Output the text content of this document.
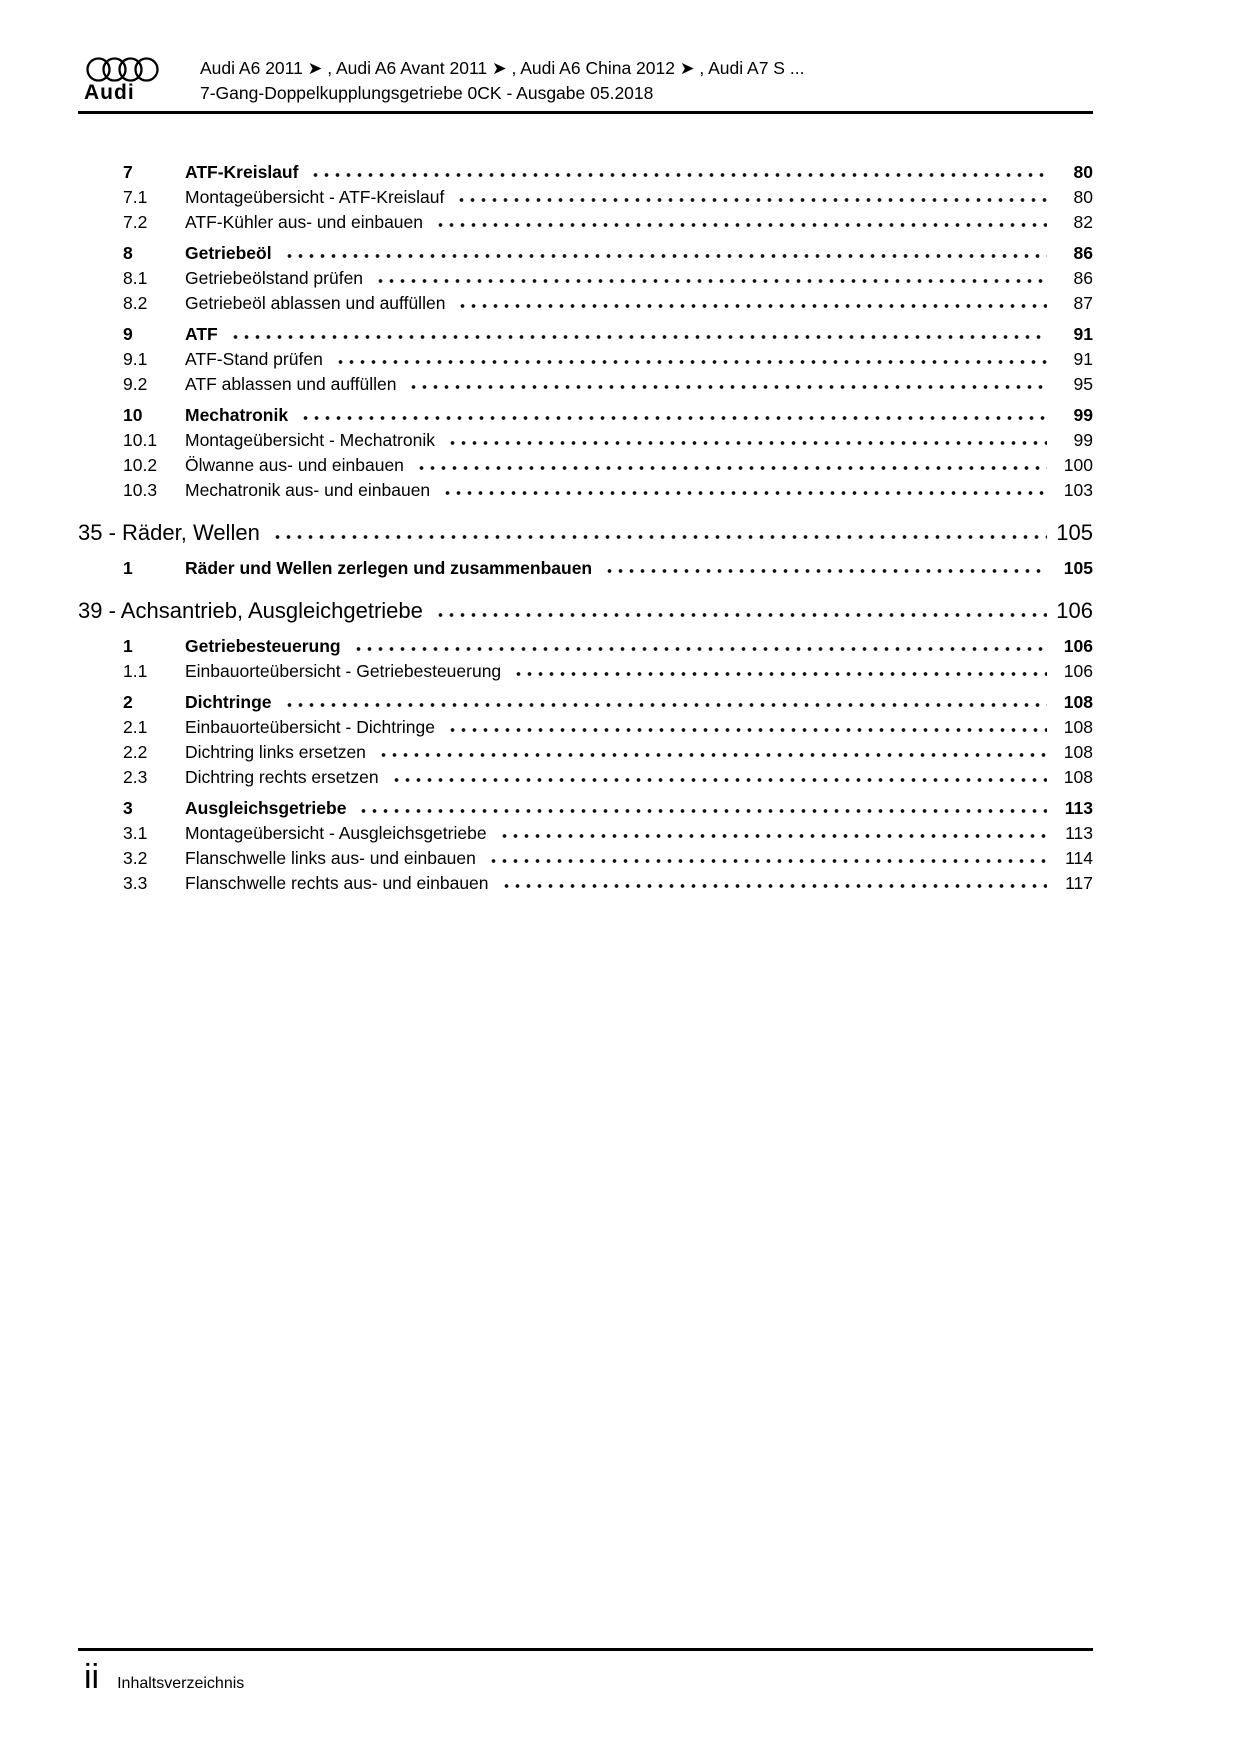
Audi
Audi A6 2011 ➤ , Audi A6 Avant 2011 ➤ , Audi A6 China 2012 ➤ , Audi A7 S ...
7-Gang-Doppelkupplungsgetriebe 0CK - Ausgabe 05.2018
7	ATF-Kreislauf	80
7.1	Montageübersicht - ATF-Kreislauf	80
7.2	ATF-Kühler aus- und einbauen	82
8	Getriebeöl	86
8.1	Getriebeölstand prüfen	86
8.2	Getriebeöl ablassen und auffüllen	87
9	ATF	91
9.1	ATF-Stand prüfen	91
9.2	ATF ablassen und auffüllen	95
10	Mechatronik	99
10.1	Montageübersicht - Mechatronik	99
10.2	Ölwanne aus- und einbauen	100
10.3	Mechatronik aus- und einbauen	103
35 - Räder, Wellen	105
1	Räder und Wellen zerlegen und zusammenbauen	105
39 - Achsantrieb, Ausgleichgetriebe	106
1	Getriebesteuerung	106
1.1	Einbauorteübersicht - Getriebesteuerung	106
2	Dichtringe	108
2.1	Einbauorteübersicht - Dichtringe	108
2.2	Dichtring links ersetzen	108
2.3	Dichtring rechts ersetzen	108
3	Ausgleichsgetriebe	113
3.1	Montageübersicht - Ausgleichsgetriebe	113
3.2	Flanschwelle links aus- und einbauen	114
3.3	Flanschwelle rechts aus- und einbauen	117
ii Inhaltsverzeichnis
